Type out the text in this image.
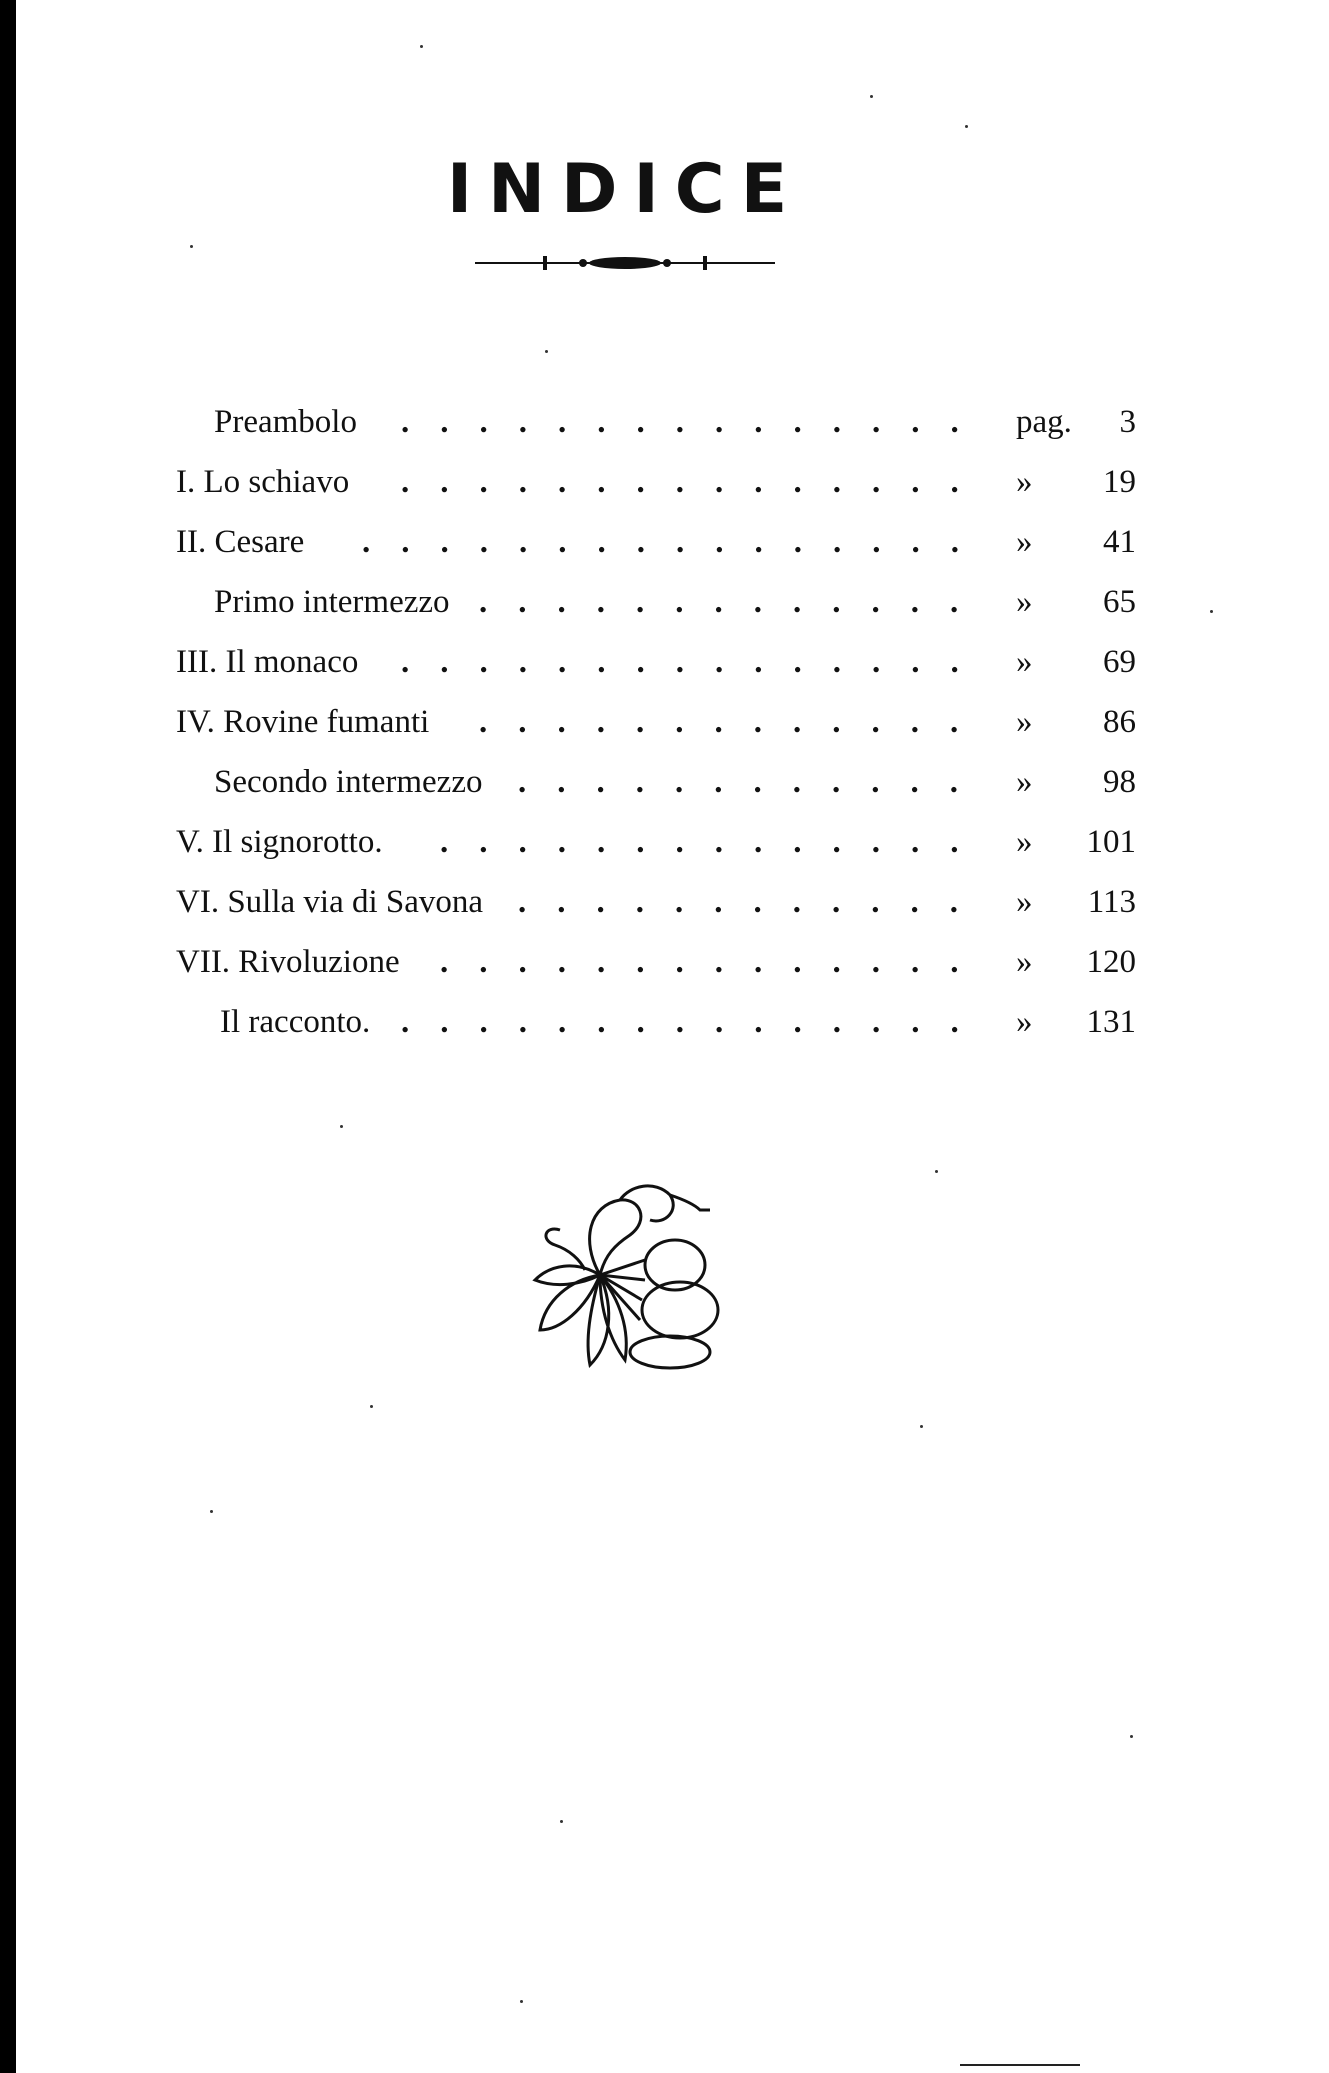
INDICE
Preambolo ............... pag. 3
I. Lo schiavo ............... » 19
II. Cesare ................ » 41
Primo intermezzo ............. » 65
III. Il monaco ............... » 69
IV. Rovine fumanti ............. » 86
Secondo intermezzo ............ » 98
V. Il signorotto. .............. » 101
VI. Sulla via di Savona ............ » 113
VII. Rivoluzione .............. » 120
Il racconto. ............... » 131
